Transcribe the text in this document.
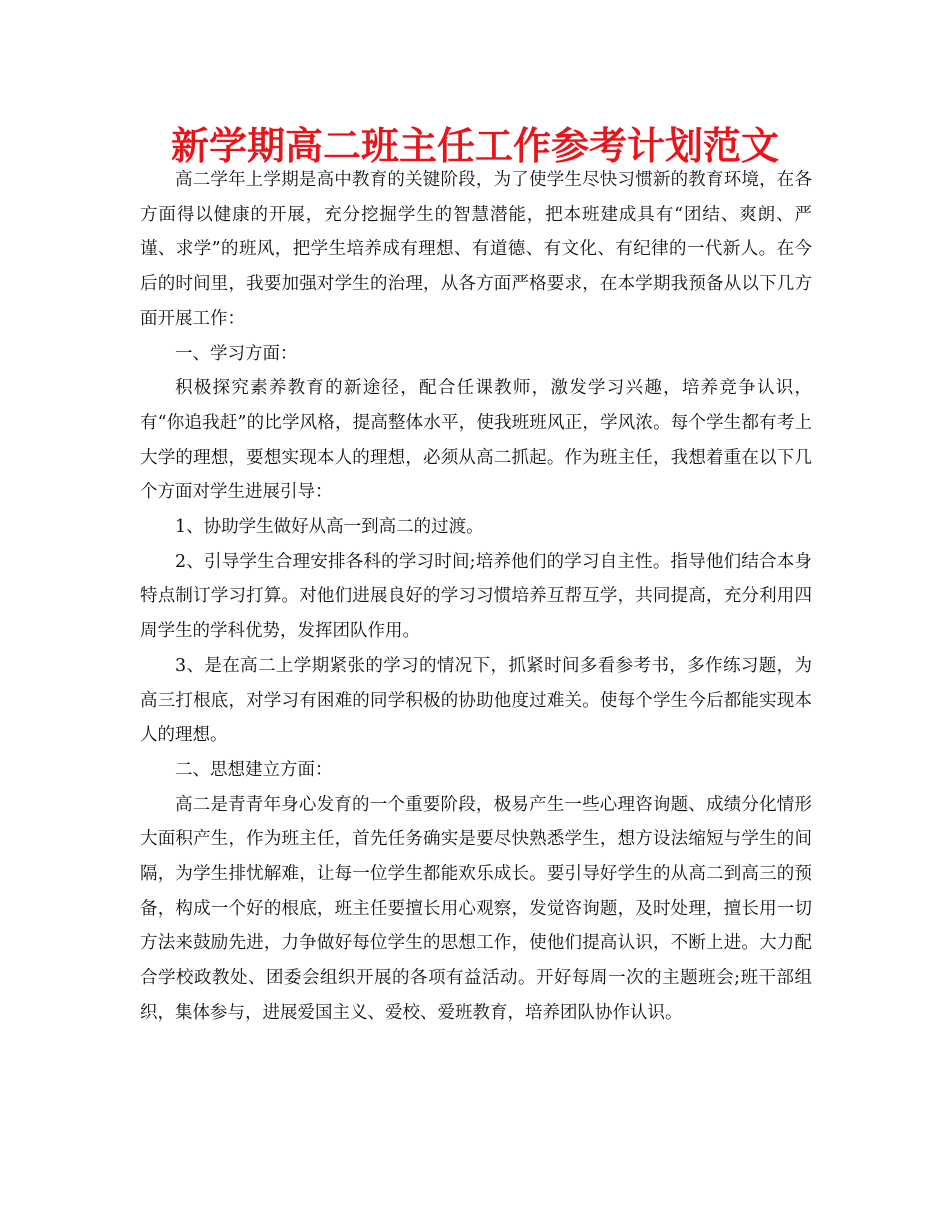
新学期高二班主任工作参考计划范文

高二学年上学期是高中教育的关键阶段，为了使学生尽快习惯新的教育环境，在各方面得以健康的开展，充分挖掘学生的智慧潜能，把本班建成具有“团结、爽朗、严谨、求学”的班风，把学生培养成有理想、有道德、有文化、有纪律的一代新人。在今后的时间里，我要加强对学生的治理，从各方面严格要求，在本学期我预备从以下几方面开展工作：

一、学习方面：

积极探究素养教育的新途径，配合任课教师，激发学习兴趣，培养竞争认识，有“你追我赶”的比学风格，提高整体水平，使我班班风正，学风浓。每个学生都有考上大学的理想，要想实现本人的理想，必须从高二抓起。作为班主任，我想着重在以下几个方面对学生进展引导：

1、协助学生做好从高一到高二的过渡。

2、引导学生合理安排各科的学习时间;培养他们的学习自主性。指导他们结合本身特点制订学习打算。对他们进展良好的学习习惯培养互帮互学，共同提高，充分利用四周学生的学科优势，发挥团队作用。

3、是在高二上学期紧张的学习的情况下，抓紧时间多看参考书，多作练习题，为高三打根底，对学习有困难的同学积极的协助他度过难关。使每个学生今后都能实现本人的理想。

二、思想建立方面：

高二是青青年身心发育的一个重要阶段，极易产生一些心理咨询题、成绩分化情形大面积产生，作为班主任，首先任务确实是要尽快熟悉学生，想方设法缩短与学生的间隔，为学生排忧解难，让每一位学生都能欢乐成长。要引导好学生的从高二到高三的预备，构成一个好的根底，班主任要擅长用心观察，发觉咨询题，及时处理，擅长用一切方法来鼓励先进，力争做好每位学生的思想工作，使他们提高认识，不断上进。大力配合学校政教处、团委会组织开展的各项有益活动。开好每周一次的主题班会;班干部组织，集体参与，进展爱国主义、爱校、爱班教育，培养团队协作认识。
